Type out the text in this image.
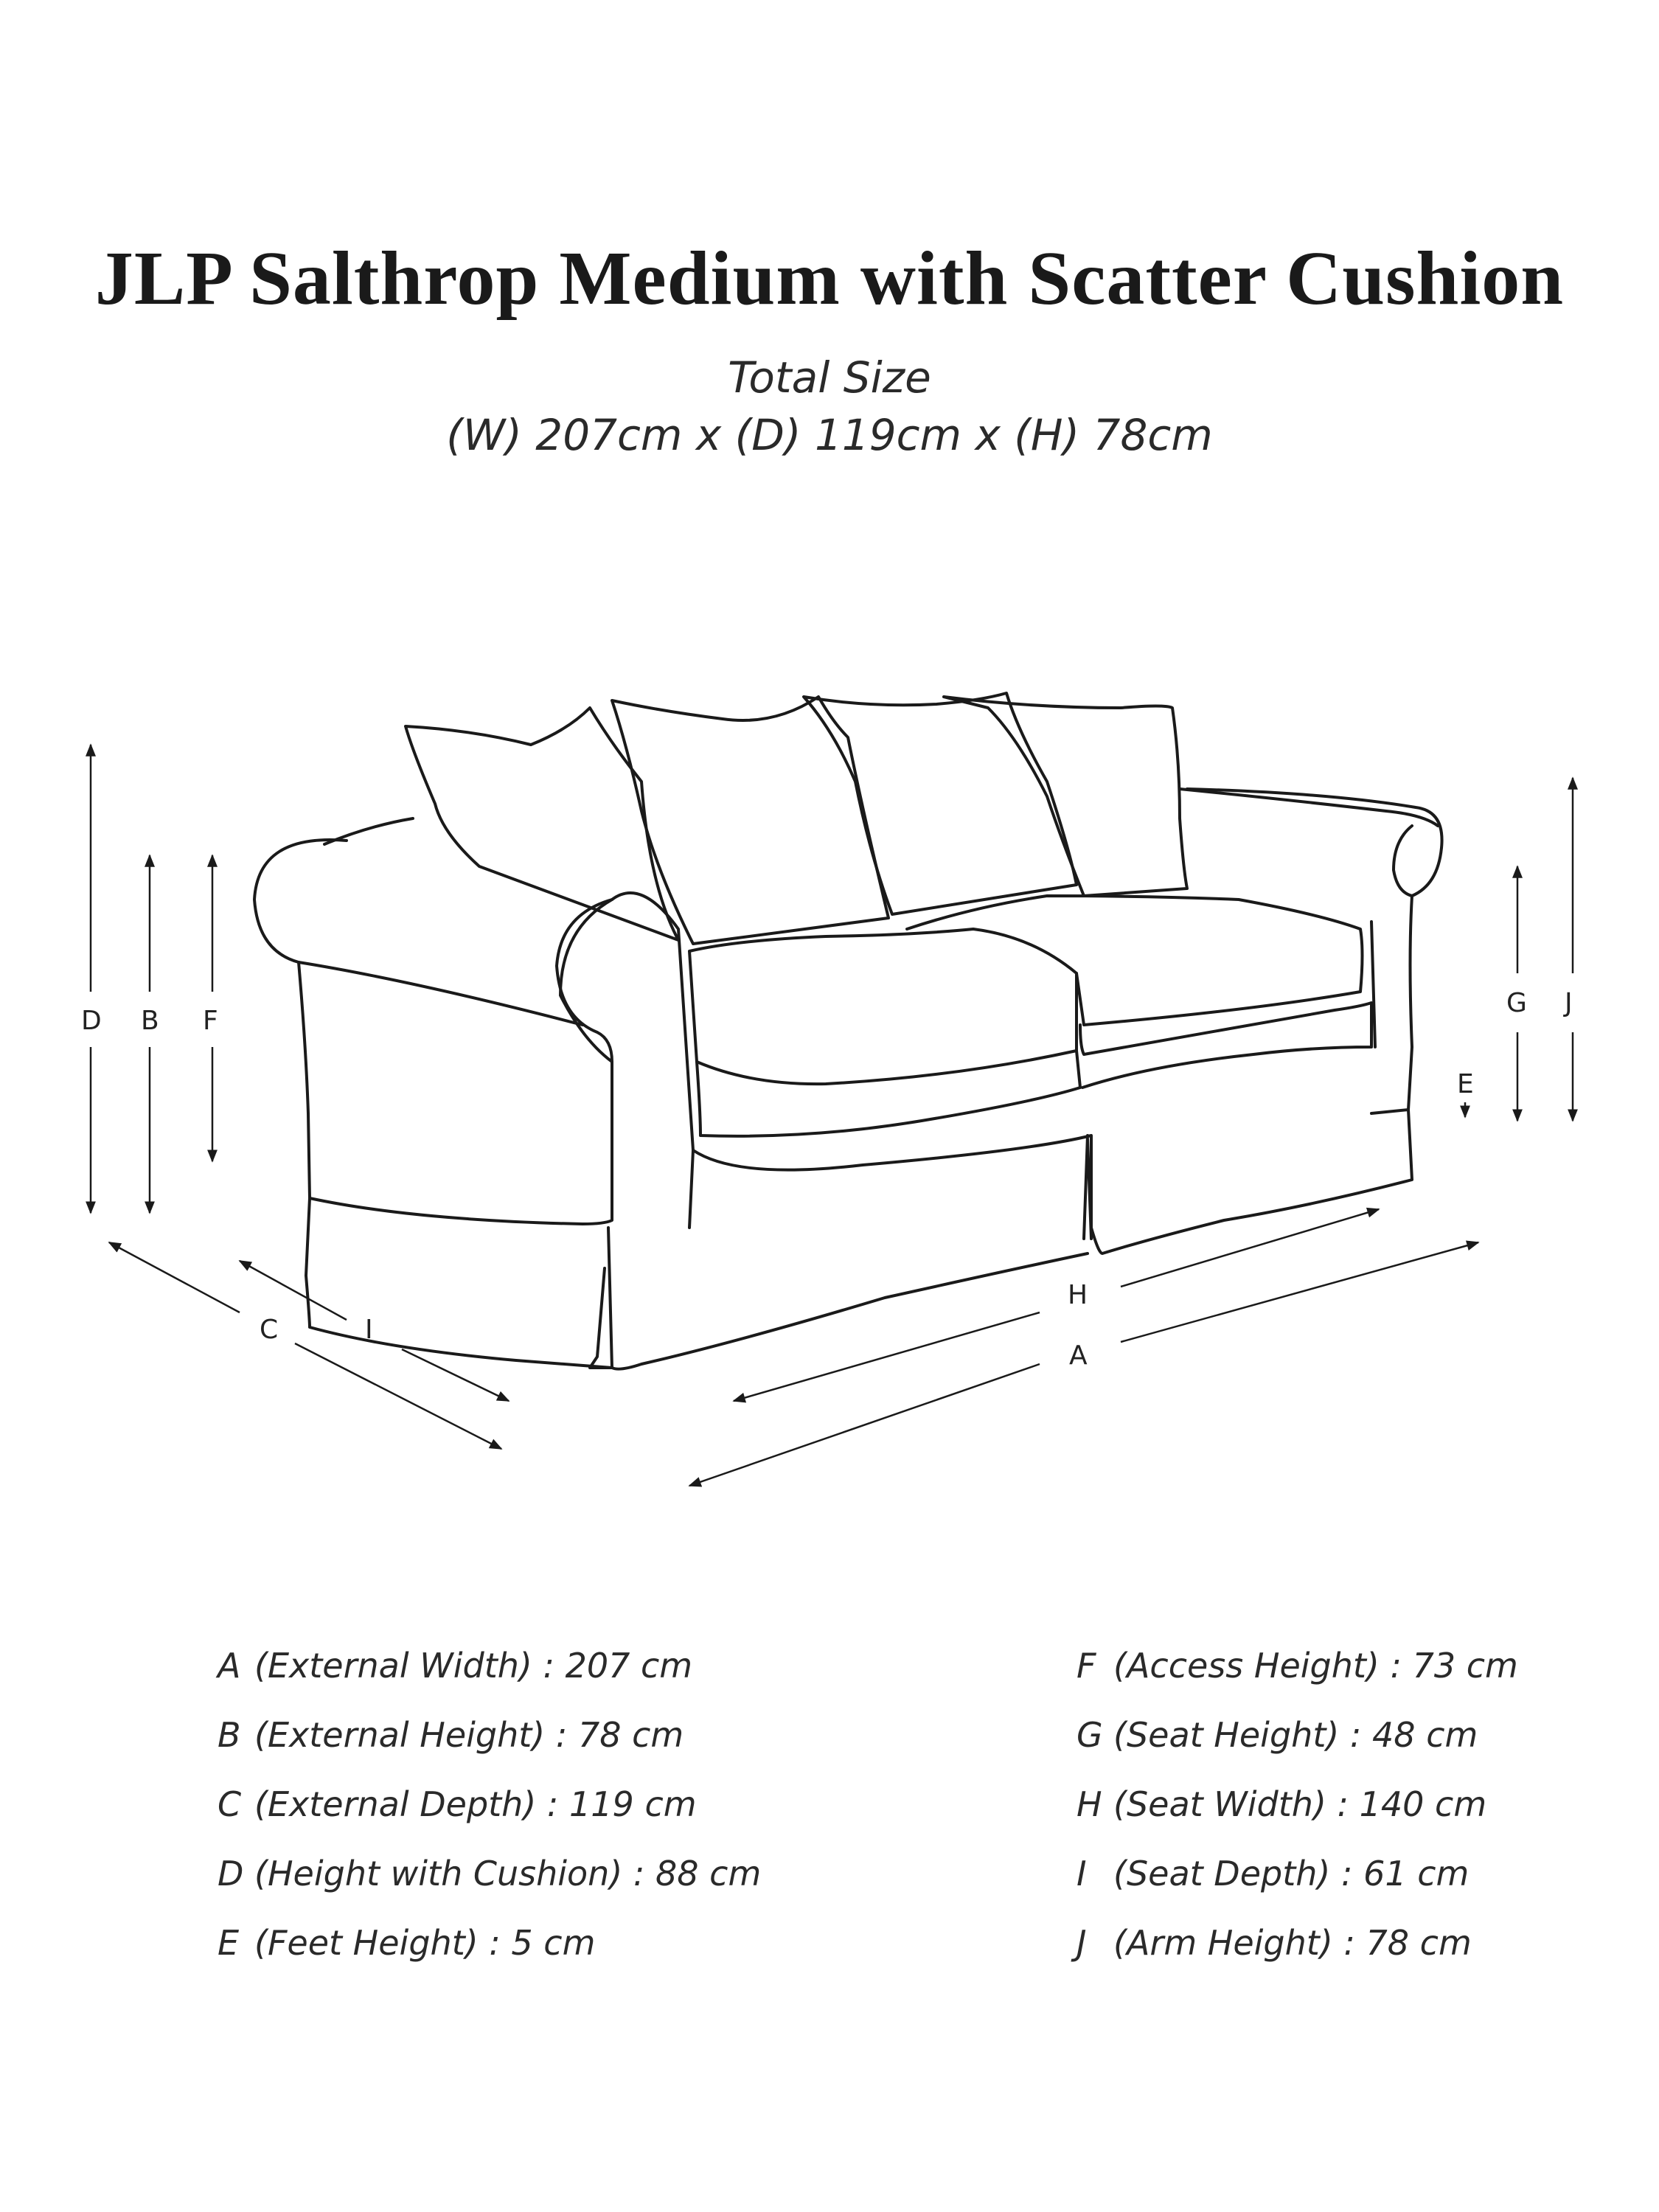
JLP Salthrop Medium with Scatter Cushion

Total Size

(W) 207cm x (D) 119cm x (H) 78cm

D B F
G J
E
C	I
H
A
A (External Width) : 207 cm
B (External Height) : 78 cm
C (External Depth) : 119 cm
D (Height with Cushion) : 88 cm
E (Feet Height) : 5 cm
F (Access Height) : 73 cm
G (Seat Height) : 48 cm
H (Seat Width) : 140 cm
I (Seat Depth) : 61 cm
J (Arm Height) : 78 cm
